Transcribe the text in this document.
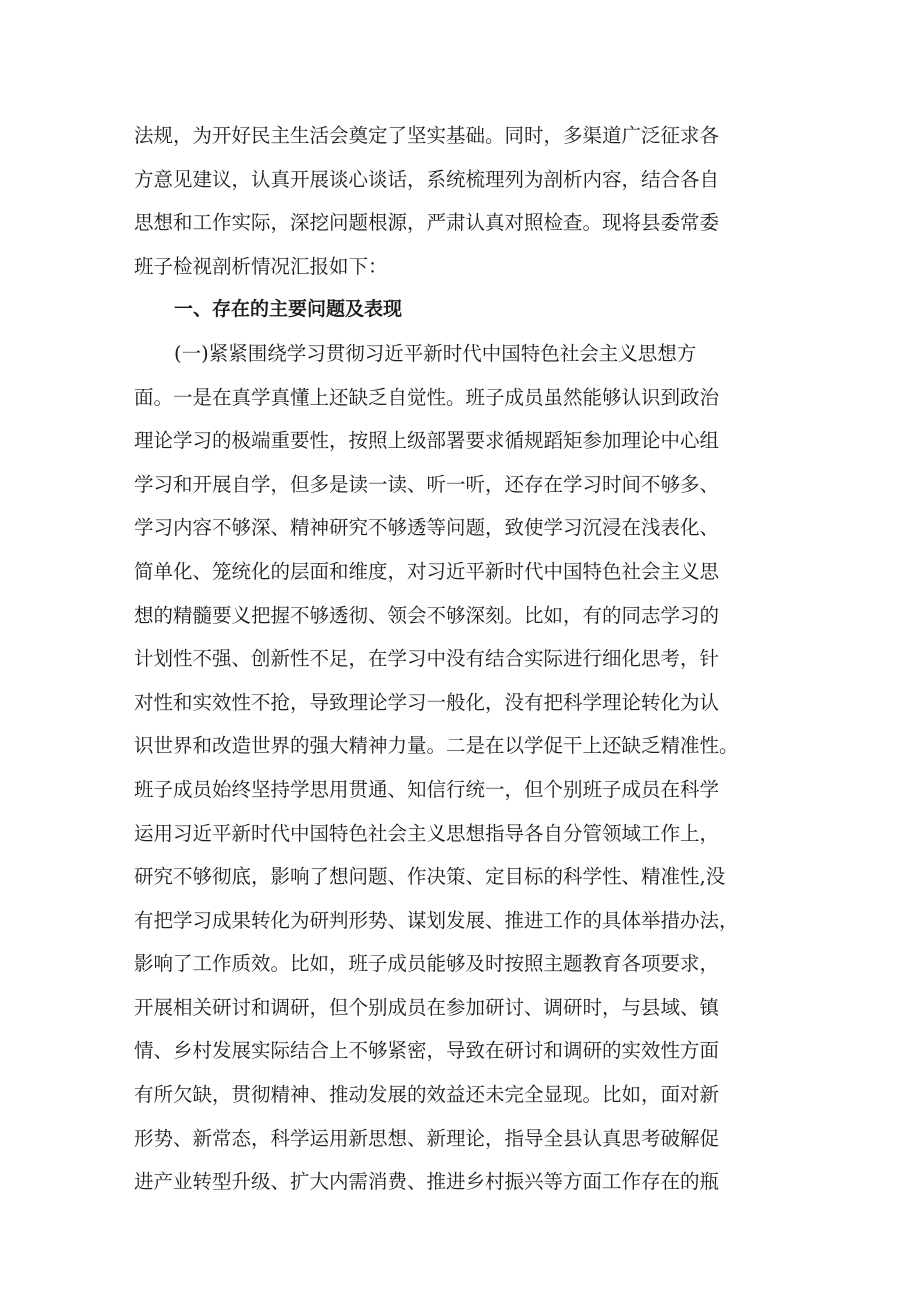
法规，为开好民主生活会奠定了坚实基础。同时，多渠道广泛征求各
方意见建议，认真开展谈心谈话，系统梳理列为剖析内容，结合各自
思想和工作实际，深挖问题根源，严肃认真对照检查。现将县委常委
班子检视剖析情况汇报如下：
一、存在的主要问题及表现
(一)紧紧围绕学习贯彻习近平新时代中国特色社会主义思想方
面。一是在真学真懂上还缺乏自觉性。班子成员虽然能够认识到政治
理论学习的极端重要性，按照上级部署要求循规蹈矩参加理论中心组
学习和开展自学，但多是读一读、听一听，还存在学习时间不够多、
学习内容不够深、精神研究不够透等问题，致使学习沉浸在浅表化、
简单化、笼统化的层面和维度，对习近平新时代中国特色社会主义思
想的精髓要义把握不够透彻、领会不够深刻。比如，有的同志学习的
计划性不强、创新性不足，在学习中没有结合实际进行细化思考，针
对性和实效性不抢，导致理论学习一般化，没有把科学理论转化为认
识世界和改造世界的强大精神力量。二是在以学促干上还缺乏精准性。
班子成员始终坚持学思用贯通、知信行统一，但个别班子成员在科学
运用习近平新时代中国特色社会主义思想指导各自分管领域工作上，
研究不够彻底，影响了想问题、作决策、定目标的科学性、精准性,没
有把学习成果转化为研判形势、谋划发展、推进工作的具体举措办法，
影响了工作质效。比如，班子成员能够及时按照主题教育各项要求，
开展相关研讨和调研，但个别成员在参加研讨、调研时，与县域、镇
情、乡村发展实际结合上不够紧密，导致在研讨和调研的实效性方面
有所欠缺，贯彻精神、推动发展的效益还未完全显现。比如，面对新
形势、新常态，科学运用新思想、新理论，指导全县认真思考破解促
进产业转型升级、扩大内需消费、推进乡村振兴等方面工作存在的瓶
